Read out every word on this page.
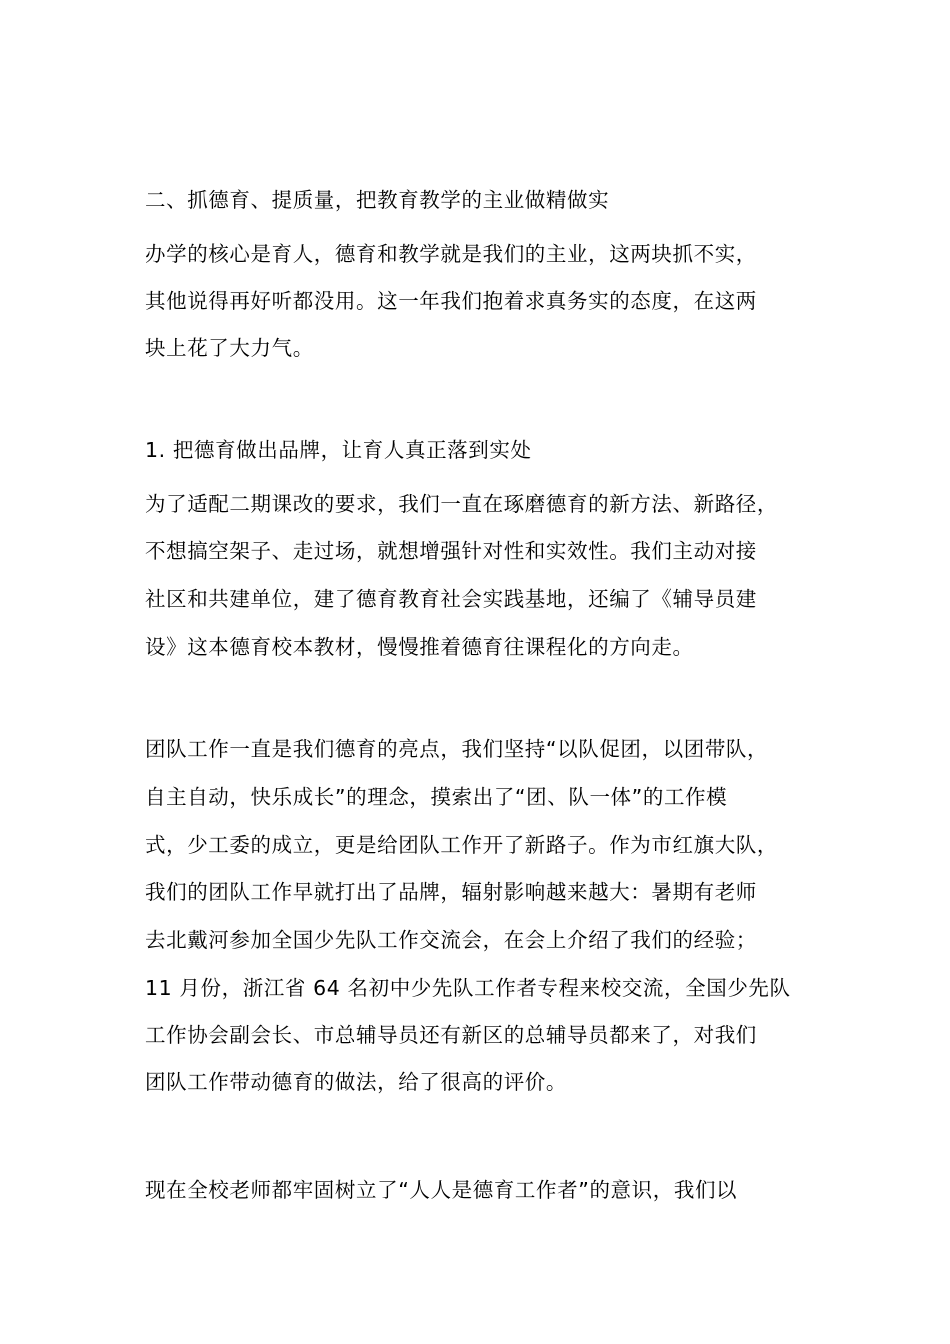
二、抓德育、提质量，把教育教学的主业做精做实
办学的核心是育人，德育和教学就是我们的主业，这两块抓不实，
其他说得再好听都没用。这一年我们抱着求真务实的态度，在这两
块上花了大力气。
1. 把德育做出品牌，让育人真正落到实处
为了适配二期课改的要求，我们一直在琢磨德育的新方法、新路径，
不想搞空架子、走过场，就想增强针对性和实效性。我们主动对接
社区和共建单位，建了德育教育社会实践基地，还编了《辅导员建
设》这本德育校本教材，慢慢推着德育往课程化的方向走。
团队工作一直是我们德育的亮点，我们坚持“以队促团，以团带队，
自主自动，快乐成长”的理念，摸索出了“团、队一体”的工作模
式，少工委的成立，更是给团队工作开了新路子。作为市红旗大队，
我们的团队工作早就打出了品牌，辐射影响越来越大：暑期有老师
去北戴河参加全国少先队工作交流会，在会上介绍了我们的经验；
11 月份，浙江省 64 名初中少先队工作者专程来校交流，全国少先队
工作协会副会长、市总辅导员还有新区的总辅导员都来了，对我们
团队工作带动德育的做法，给了很高的评价。
现在全校老师都牢固树立了“人人是德育工作者”的意识，我们以
